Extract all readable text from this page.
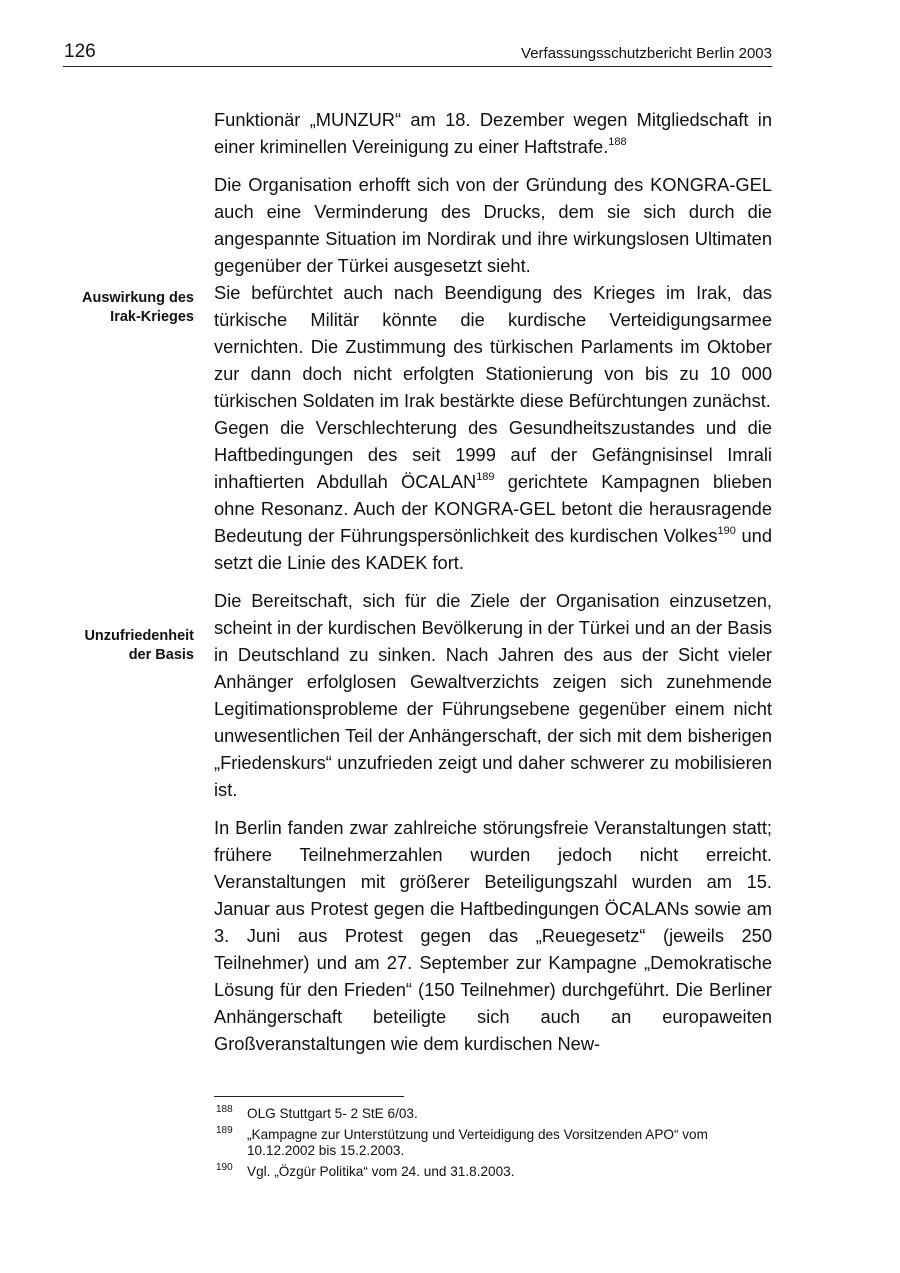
126	Verfassungsschutzbericht Berlin 2003
Auswirkung des
Irak-Krieges
Unzufriedenheit
der Basis

Funktionär „MUNZUR“ am 18. Dezember wegen Mitgliedschaft in einer kriminellen Vereinigung zu einer Haftstrafe.$^{188}$

Die Organisation erhofft sich von der Gründung des KONGRA-GEL auch eine Verminderung des Drucks, dem sie sich durch die angespannte Situation im Nordirak und ihre wirkungslosen Ultimaten gegenüber der Türkei ausgesetzt sieht.

Sie befürchtet auch nach Beendigung des Krieges im Irak, das türkische Militär könnte die kurdische Verteidigungsarmee vernichten. Die Zustimmung des türkischen Parlaments im Oktober zur dann doch nicht erfolgten Stationierung von bis zu 10 000 türkischen Soldaten im Irak bestärkte diese Befürchtungen zunächst.

Gegen die Verschlechterung des Gesundheitszustandes und die Haftbedingungen des seit 1999 auf der Gefängnisinsel Imrali inhaftierten Abdullah ÖCALAN$^{189}$ gerichtete Kampagnen blieben ohne Resonanz. Auch der KONGRA-GEL betont die herausragende Bedeutung der Führungspersönlichkeit des kurdischen Volkes$^{190}$ und setzt die Linie des KADEK fort.

Die Bereitschaft, sich für die Ziele der Organisation einzusetzen, scheint in der kurdischen Bevölkerung in der Türkei und an der Basis in Deutschland zu sinken. Nach Jahren des aus der Sicht vieler Anhänger erfolglosen Gewaltverzichts zeigen sich zunehmende Legitimationsprobleme der Führungsebene gegenüber einem nicht unwesentlichen Teil der Anhängerschaft, der sich mit dem bisherigen „Friedenskurs“ unzufrieden zeigt und daher schwerer zu mobilisieren ist.

In Berlin fanden zwar zahlreiche störungsfreie Veranstaltungen statt; frühere Teilnehmerzahlen wurden jedoch nicht erreicht. Veranstaltungen mit größerer Beteiligungszahl wurden am 15. Januar aus Protest gegen die Haftbedingungen ÖCALANs sowie am 3. Juni aus Protest gegen das „Reuegesetz“ (jeweils 250 Teilnehmer) und am 27. September zur Kampagne „Demokratische Lösung für den Frieden“ (150 Teilnehmer) durchgeführt. Die Berliner Anhängerschaft beteiligte sich auch an europaweiten Großveranstaltungen wie dem kurdischen New-

188 OLG Stuttgart 5- 2 StE 6/03.
189 „Kampagne zur Unterstützung und Verteidigung des Vorsitzenden APO“ vom 10.12.2002 bis 15.2.2003.
190 Vgl. „Özgür Politika“ vom 24. und 31.8.2003.
